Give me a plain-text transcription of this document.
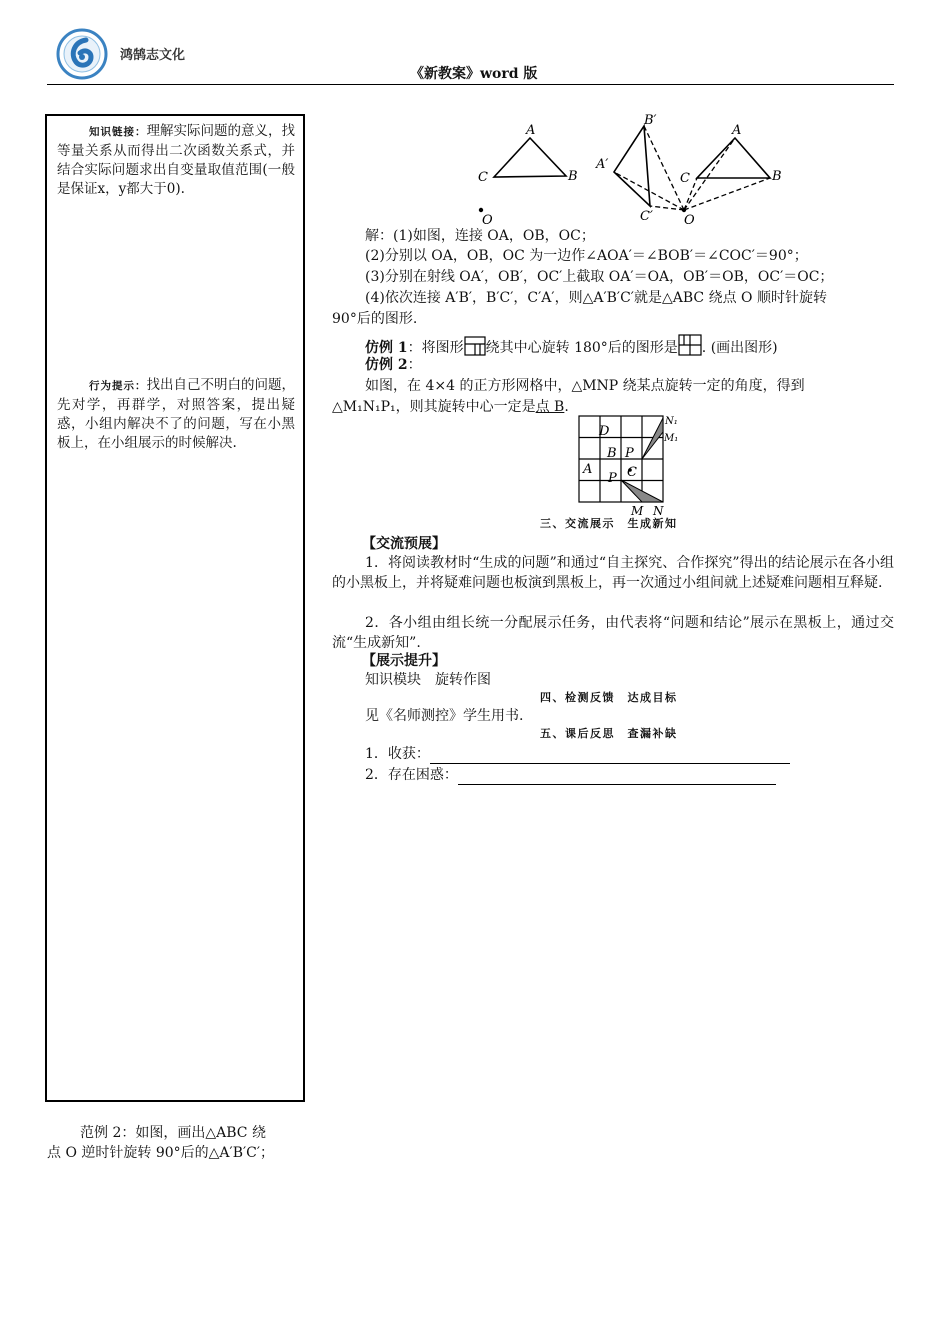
鸿鹄志文化
《新教案》word 版
知识链接：理解实际问题的意义，找等量关系从而得出二次函数关系式，并结合实际问题求出自变量取值范围(一般是保证x，y都大于0).
行为提示：找出自己不明白的问题，先对学，再群学，对照答案，提出疑惑，小组内解决不了的问题，写在小黑板上，在小组展示的时候解决.
范例 2：如图，画出△ABC 绕
点 O 逆时针旋转 90°后的△A′B′C′；
A
C	B
O
B′
A′
C′
A
C	B
O
解：(1)如图，连接 OA，OB，OC；
(2)分别以 OA，OB，OC 为一边作∠AOA′＝∠BOB′＝∠COC′＝90°；
(3)分别在射线 OA′，OB′，OC′上截取 OA′＝OA，OB′＝OB，OC′＝OC；
(4)依次连接 A′B′，B′C′，C′A′，则△A′B′C′就是△ABC 绕点 O 顺时针旋转
90°后的图形.
仿例 1：将图形 绕其中心旋转 180°后的图形是 . (画出图形)
仿例 2：
如图，在 4×4 的正方形网格中，△MNP 绕某点旋转一定的角度，得到
△M₁N₁P₁，则其旋转中心一定是点 B.
D
B P
A	C
P
M N
N₁
M₁
三、交流展示　生成新知
【交流预展】
1．将阅读教材时“生成的问题”和通过“自主探究、合作探究”得出的结论展示在各小组的小黑板上，并将疑难问题也板演到黑板上，再一次通过小组间就上述疑难问题相互释疑.
2．各小组由组长统一分配展示任务，由代表将“问题和结论”展示在黑板上，通过交流“生成新知”.
【展示提升】
知识模块　旋转作图
四、检测反馈　达成目标
见《名师测控》学生用书.
五、课后反思　查漏补缺
1．收获：
2．存在困惑：
